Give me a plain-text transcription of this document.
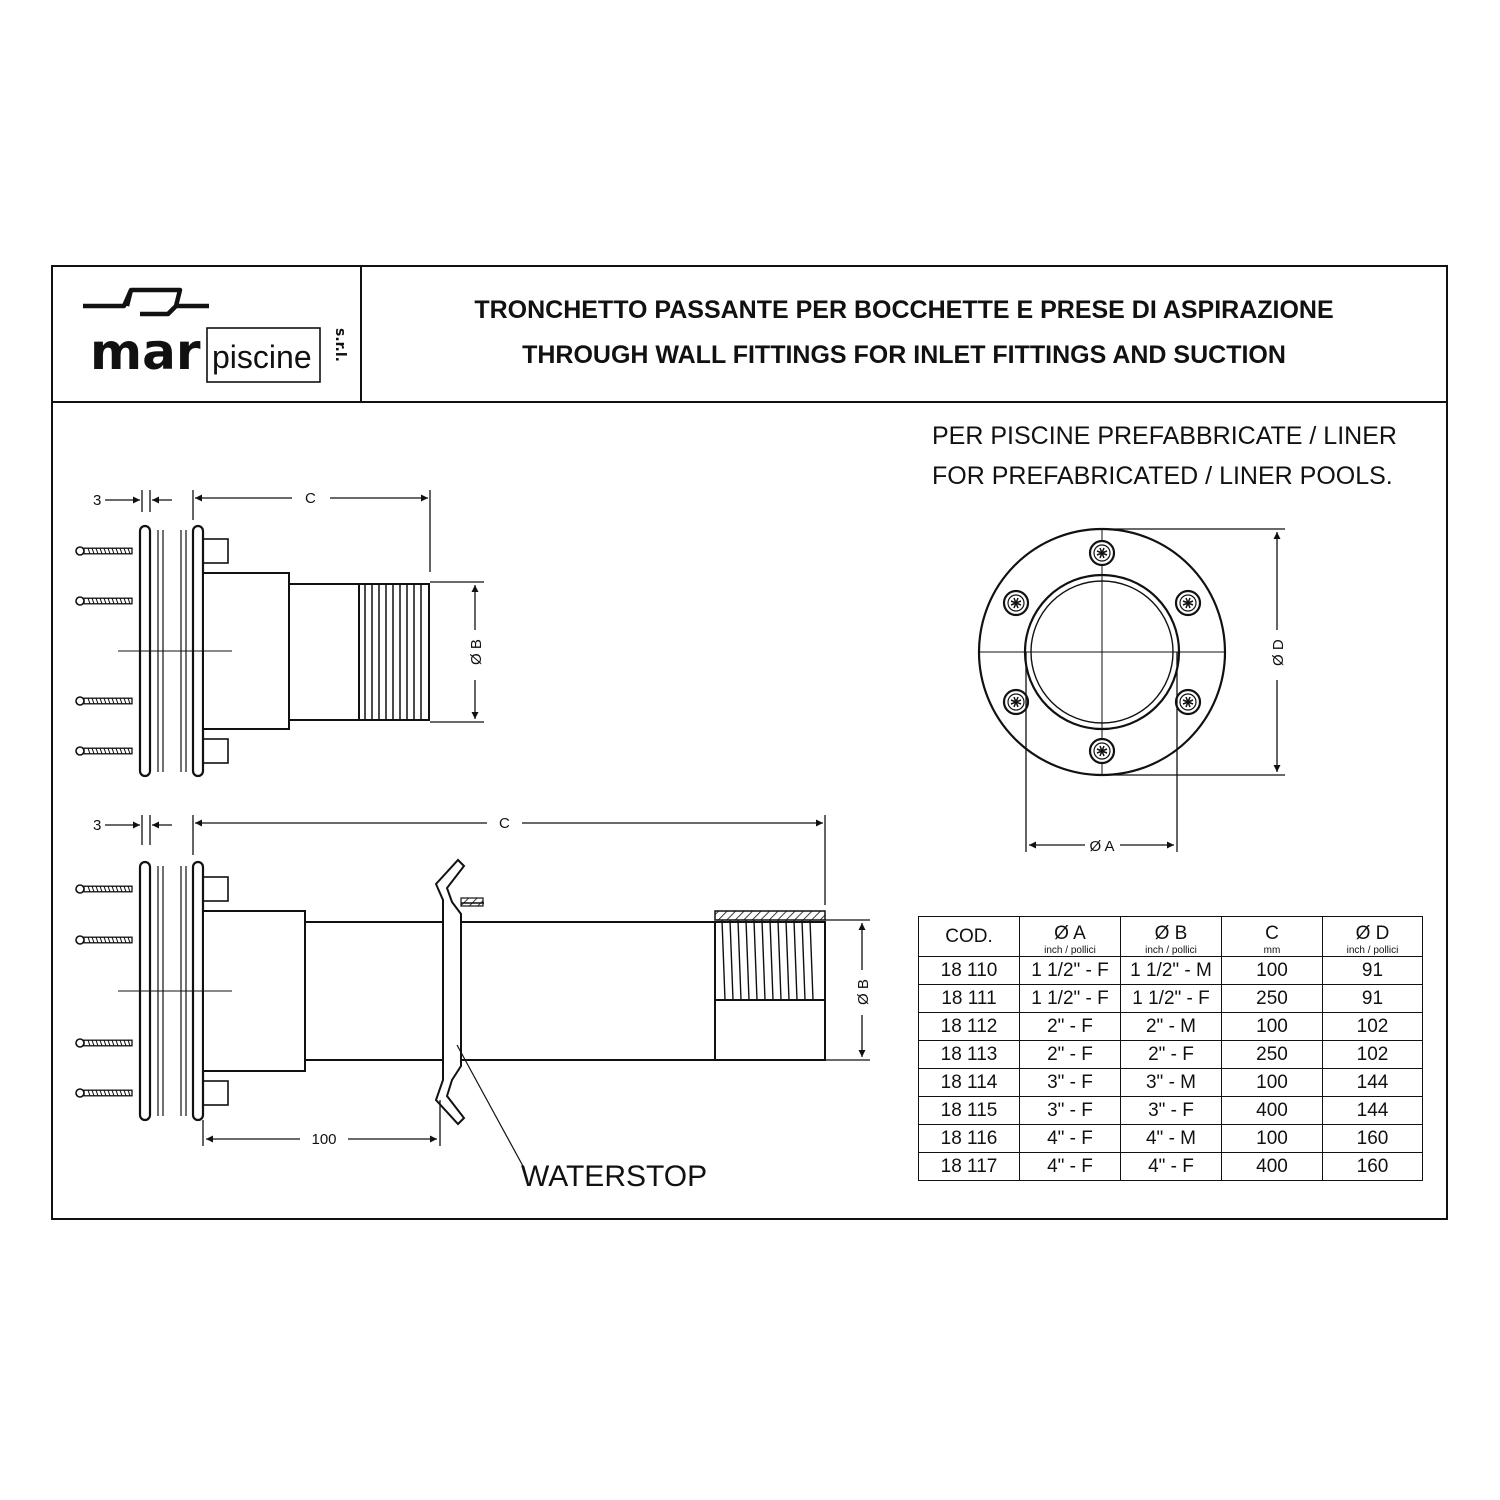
mar piscine s.r.l.
TRONCHETTO PASSANTE PER BOCCHETTE E PRESE DI ASPIRAZIONE
THROUGH WALL FITTINGS FOR INLET FITTINGS AND SUCTION
PER PISCINE PREFABBRICATE / LINER
FOR PREFABRICATED / LINER POOLS.
3	C
Ø B	Ø D
Ø A
3	C
Ø B
100
WATERSTOP
COD.	Ø A	Ø B	C	Ø D
	inch / pollici	inch / pollici	mm	inch / pollici
18 110	1 1/2" - F	1 1/2" - M	100	91
18 111	1 1/2" - F	1 1/2" - F	250	91
18 112	2" - F	2" - M	100	102
18 113	2" - F	2" - F	250	102
18 114	3" - F	3" - M	100	144
18 115	3" - F	3" - F	400	144
18 116	4" - F	4" - M	100	160
18 117	4" - F	4" - F	400	160
